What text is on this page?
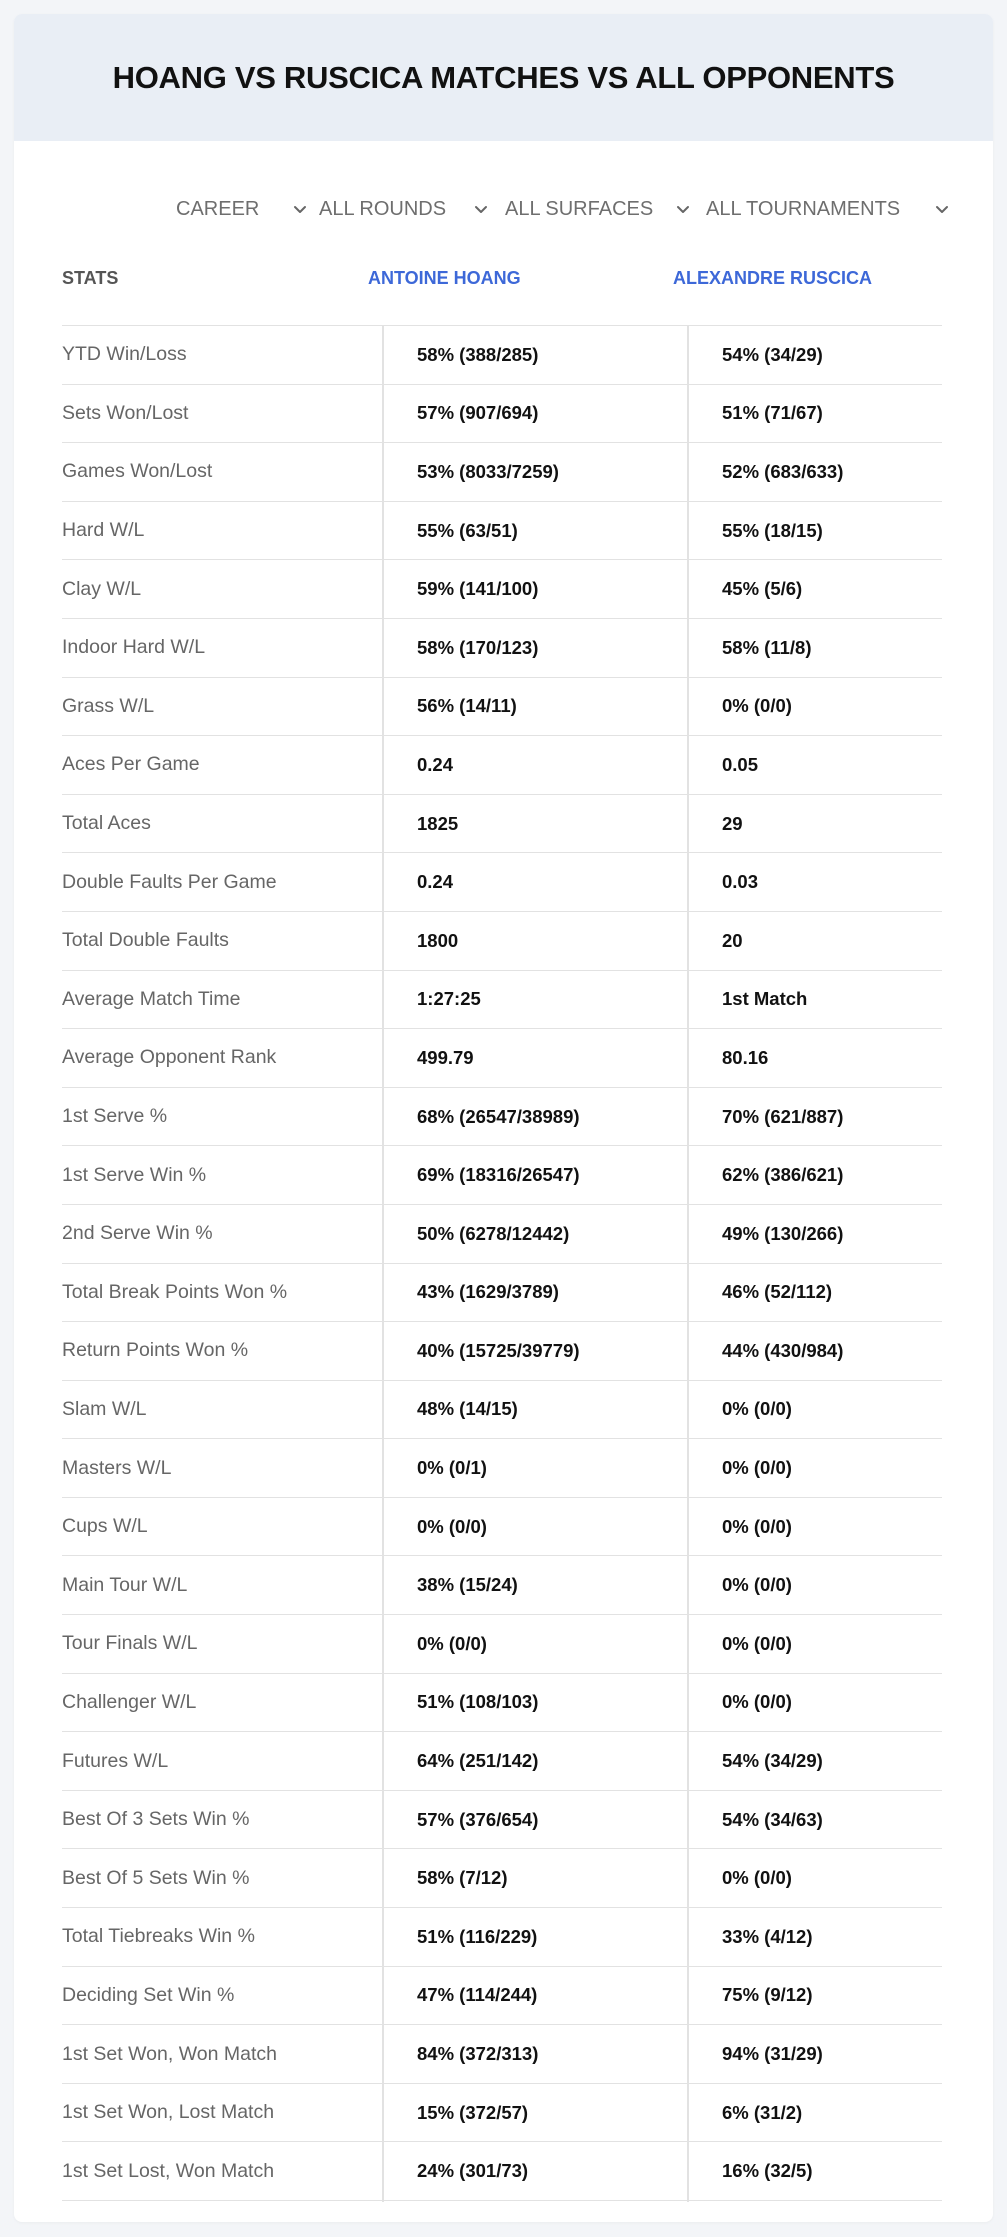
HOANG VS RUSCICA MATCHES VS ALL OPPONENTS
CAREER	ALL ROUNDS	ALL SURFACES	ALL TOURNAMENTS
STATS	ANTOINE HOANG	ALEXANDRE RUSCICA
YTD Win/Loss	58% (388/285)	54% (34/29)
Sets Won/Lost	57% (907/694)	51% (71/67)
Games Won/Lost	53% (8033/7259)	52% (683/633)
Hard W/L	55% (63/51)	55% (18/15)
Clay W/L	59% (141/100)	45% (5/6)
Indoor Hard W/L	58% (170/123)	58% (11/8)
Grass W/L	56% (14/11)	0% (0/0)
Aces Per Game	0.24	0.05
Total Aces	1825	29
Double Faults Per Game	0.24	0.03
Total Double Faults	1800	20
Average Match Time	1:27:25	1st Match
Average Opponent Rank	499.79	80.16
1st Serve %	68% (26547/38989)	70% (621/887)
1st Serve Win %	69% (18316/26547)	62% (386/621)
2nd Serve Win %	50% (6278/12442)	49% (130/266)
Total Break Points Won %	43% (1629/3789)	46% (52/112)
Return Points Won %	40% (15725/39779)	44% (430/984)
Slam W/L	48% (14/15)	0% (0/0)
Masters W/L	0% (0/1)	0% (0/0)
Cups W/L	0% (0/0)	0% (0/0)
Main Tour W/L	38% (15/24)	0% (0/0)
Tour Finals W/L	0% (0/0)	0% (0/0)
Challenger W/L	51% (108/103)	0% (0/0)
Futures W/L	64% (251/142)	54% (34/29)
Best Of 3 Sets Win %	57% (376/654)	54% (34/63)
Best Of 5 Sets Win %	58% (7/12)	0% (0/0)
Total Tiebreaks Win %	51% (116/229)	33% (4/12)
Deciding Set Win %	47% (114/244)	75% (9/12)
1st Set Won, Won Match	84% (372/313)	94% (31/29)
1st Set Won, Lost Match	15% (372/57)	6% (31/2)
1st Set Lost, Won Match	24% (301/73)	16% (32/5)
